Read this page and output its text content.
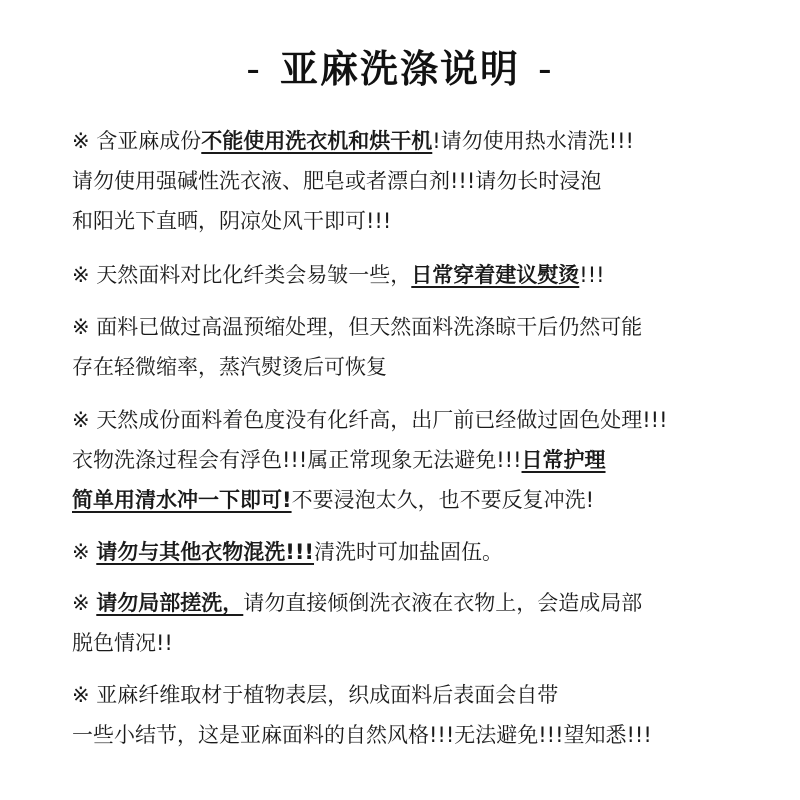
- 亚麻洗涤说明 -
※ 含亚麻成份不能使用洗衣机和烘干机!请勿使用热水清洗!!!
请勿使用强碱性洗衣液、肥皂或者漂白剂!!!请勿长时浸泡
和阳光下直晒，阴凉处风干即可!!!
※ 天然面料对比化纤类会易皱一些，日常穿着建议熨烫!!!
※ 面料已做过高温预缩处理，但天然面料洗涤晾干后仍然可能
存在轻微缩率，蒸汽熨烫后可恢复
※ 天然成份面料着色度没有化纤高，出厂前已经做过固色处理!!!
衣物洗涤过程会有浮色!!!属正常现象无法避免!!!日常护理
简单用清水冲一下即可!不要浸泡太久，也不要反复冲洗!
※ 请勿与其他衣物混洗!!!清洗时可加盐固伍。
※ 请勿局部搓洗，请勿直接倾倒洗衣液在衣物上，会造成局部
脱色情况!!
※ 亚麻纤维取材于植物表层，织成面料后表面会自带
一些小结节，这是亚麻面料的自然风格!!!无法避免!!!望知悉!!!
